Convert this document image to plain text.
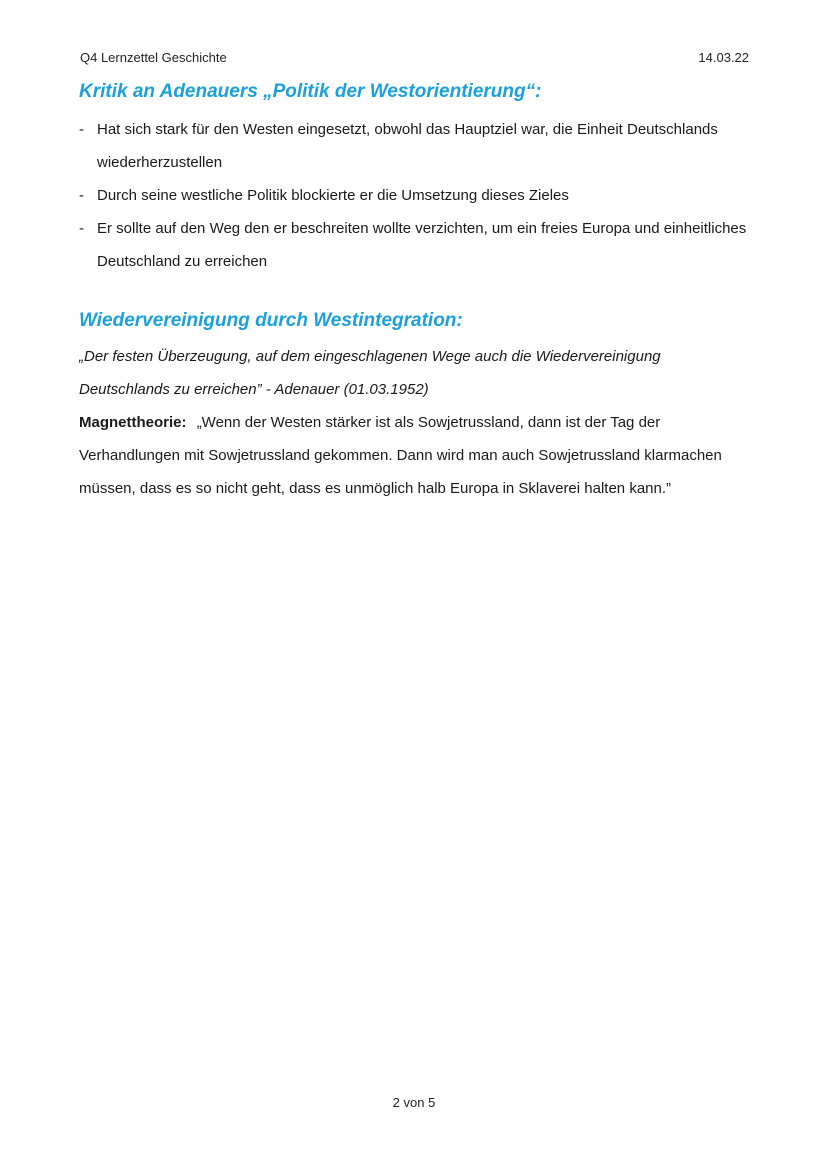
Q4 Lernzettel Geschichte	14.03.22
Kritik an Adenauers „Politik der Westorientierung“:
- Hat sich stark für den Westen eingesetzt, obwohl das Hauptziel war, die Einheit Deutschlands wiederherzustellen
- Durch seine westliche Politik blockierte er die Umsetzung dieses Zieles
- Er sollte auf den Weg den er beschreiten wollte verzichten, um ein freies Europa und einheitliches Deutschland zu erreichen
Wiedervereinigung durch Westintegration:

„Der festen Überzeugung, auf dem eingeschlagenen Wege auch die Wiedervereinigung Deutschlands zu erreichen” - Adenauer (01.03.1952)

Magnettheorie: „Wenn der Westen stärker ist als Sowjetrussland, dann ist der Tag der Verhandlungen mit Sowjetrussland gekommen. Dann wird man auch Sowjetrussland klarmachen müssen, dass es so nicht geht, dass es unmöglich halb Europa in Sklaverei halten kann.”

2 von 5
